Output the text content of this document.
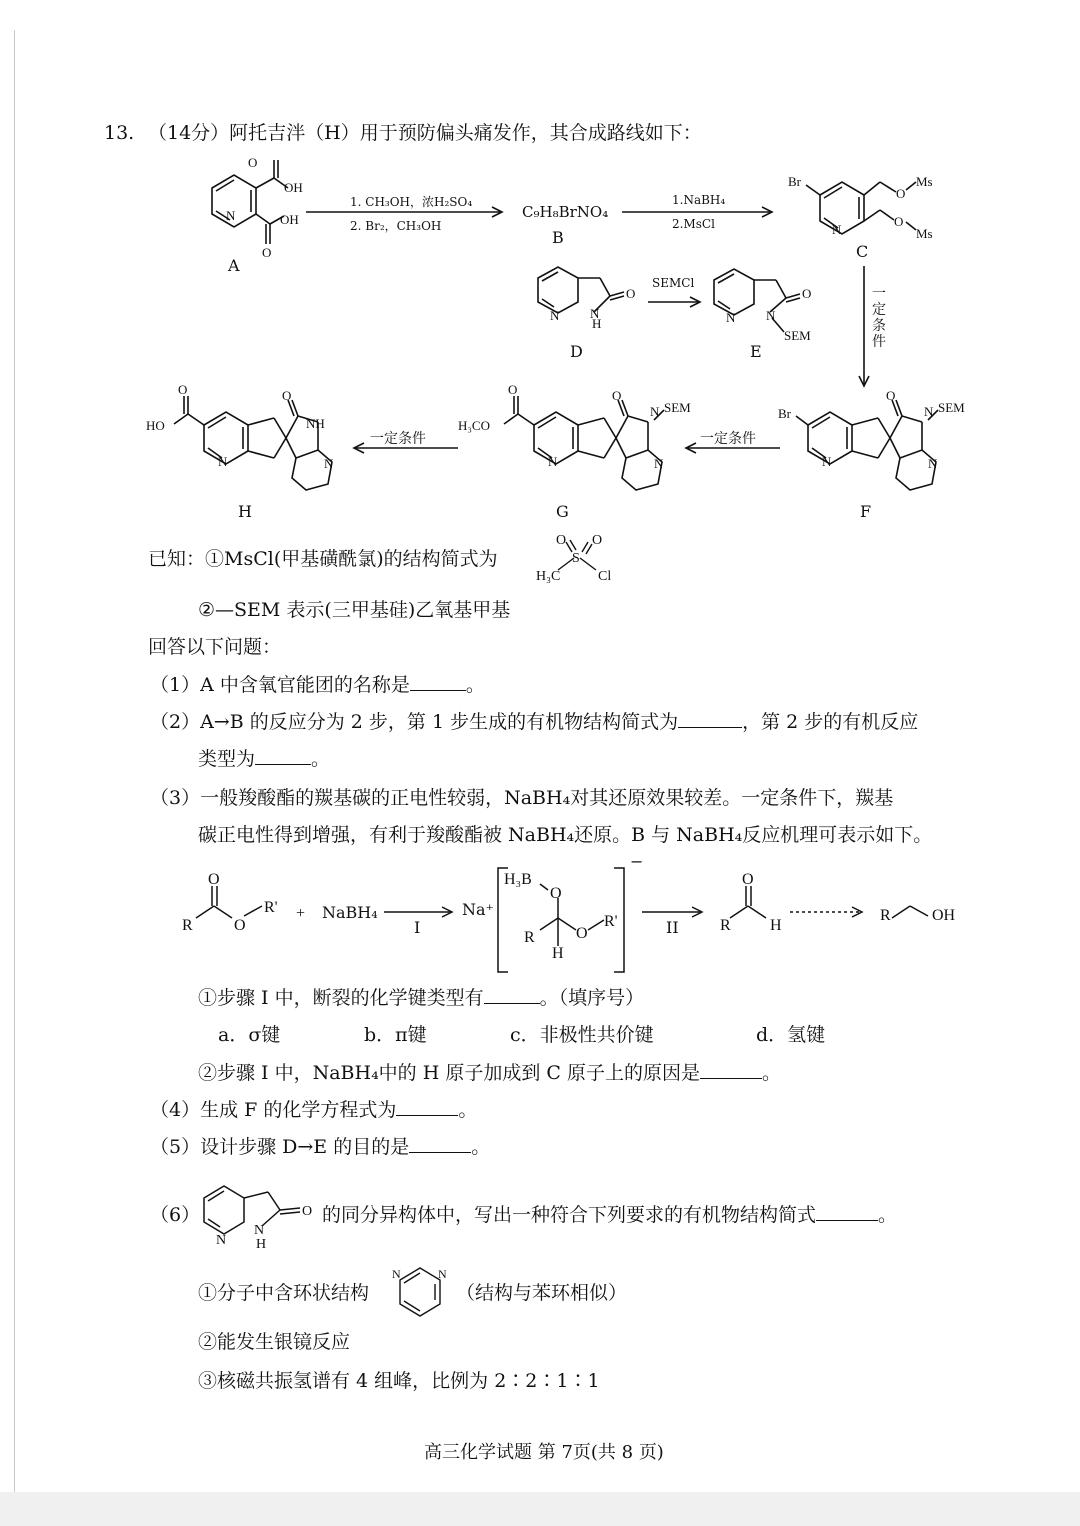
13. （14分）阿托吉泮（H）用于预防偏头痛发作，其合成路线如下：
O
OH
OH
O
N
Br
N
O
Ms
O
Ms
N N
H
O
N N
O
SEM
Br
N
O
N SEM
N
O
H₃CO
N
O
N SEM
N
O
HO
N
O
NH
N
A
B
C
D	E
F
G
H
C₉H₈BrNO₄
1. CH₃OH，浓H₂SO₄
2. Br₂，CH₃OH
1.NaBH₄
2.MsCl
SEMCl
一定条件
一定条件
一定条件
已知：①MsCl(甲基磺酰氯)的结构简式为
O O
S
H₃C	Cl
②—SEM 表示(三甲基硅)乙氧基甲基
回答以下问题：
（1）A 中含氧官能团的名称是	。
（2）A→B 的反应分为 2 步，第 1 步生成的有机物结构简式为	，第 2 步的有机反应
类型为	。
（3）一般羧酸酯的羰基碳的正电性较弱，NaBH₄对其还原效果较差。一定条件下，羰基
碳正电性得到增强，有利于羧酸酯被 NaBH₄还原。B 与 NaBH₄反应机理可表示如下。
R
O
O
R' +
H₃B
O
R	O
R'
H
R
O
H
R	OH
NaBH₄
I	II
Na⁺
−
①步骤 I 中，断裂的化学键类型有	。（填序号）
a．σ键	b．π键	c．非极性共价键	d．氢键
②步骤 I 中，NaBH₄中的 H 原子加成到 C 原子上的原因是	。
（4）生成 F 的化学方程式为	。
（5）设计步骤 D→E 的目的是	。
（6）
N
N
H
O 的同分异构体中，写出一种符合下列要求的有机物结构简式	。
①分子中含环状结构
N	N
（结构与苯环相似）
②能发生银镜反应
③核磁共振氢谱有 4 组峰，比例为 2∶2∶1∶1
高三化学试题 第 7页(共 8 页)
